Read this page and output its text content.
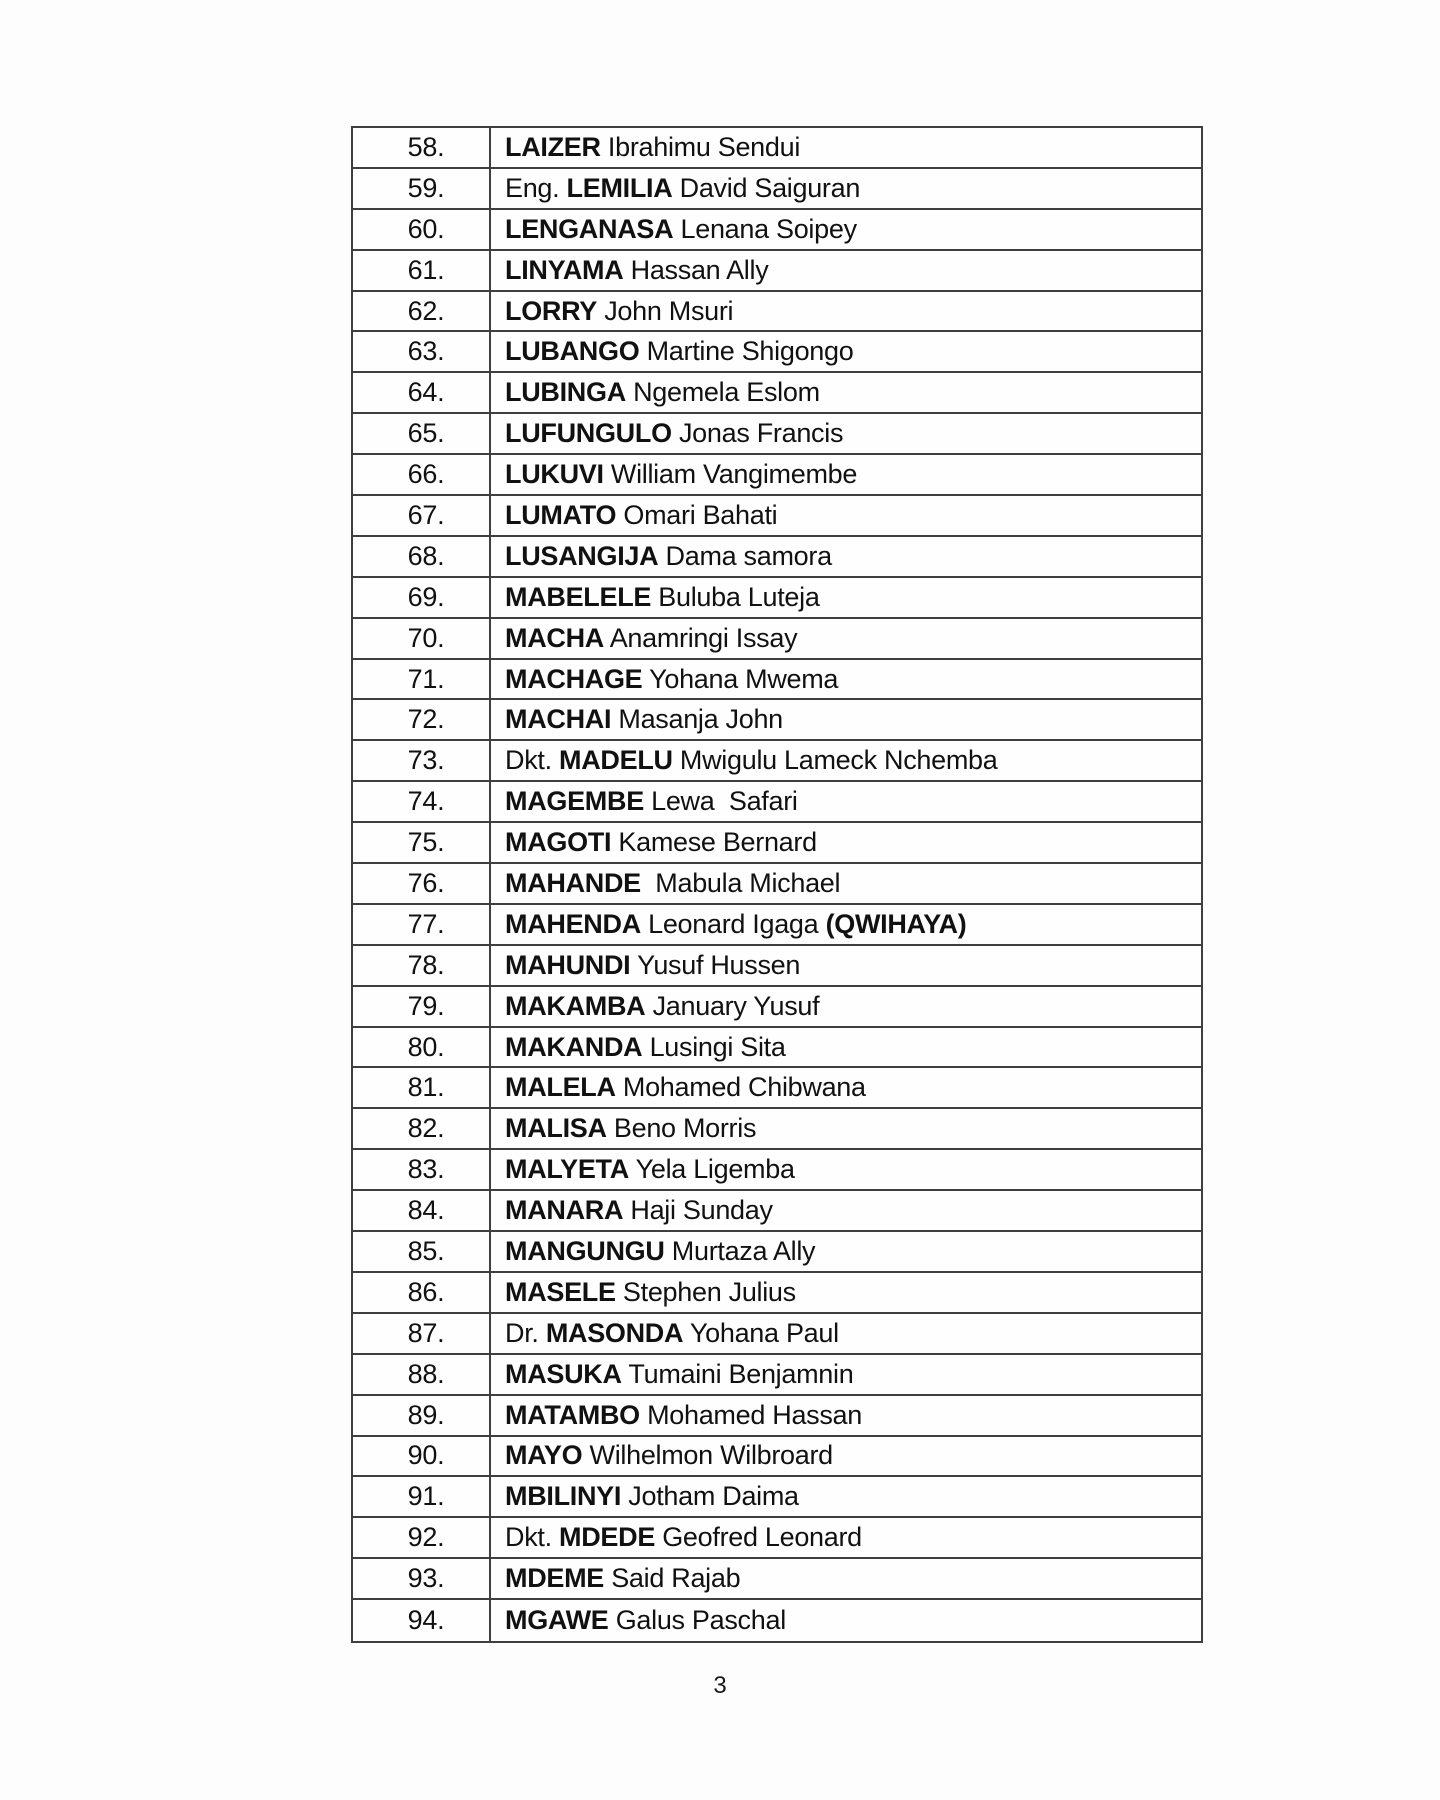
58.	LAIZER Ibrahimu Sendui
59.	Eng. LEMILIA David Saiguran
60.	LENGANASA Lenana Soipey
61.	LINYAMA Hassan Ally
62.	LORRY John Msuri
63.	LUBANGO Martine Shigongo
64.	LUBINGA Ngemela Eslom
65.	LUFUNGULO Jonas Francis
66.	LUKUVI William Vangimembe
67.	LUMATO Omari Bahati
68.	LUSANGIJA Dama samora
69.	MABELELE Buluba Luteja
70.	MACHA Anamringi Issay
71.	MACHAGE Yohana Mwema
72.	MACHAI Masanja John
73.	Dkt. MADELU Mwigulu Lameck Nchemba
74.	MAGEMBE Lewa  Safari
75.	MAGOTI Kamese Bernard
76.	MAHANDE Mabula Michael
77.	MAHENDA Leonard Igaga (QWIHAYA)
78.	MAHUNDI Yusuf Hussen
79.	MAKAMBA January Yusuf
80.	MAKANDA Lusingi Sita
81.	MALELA Mohamed Chibwana
82.	MALISA Beno Morris
83.	MALYETA Yela Ligemba
84.	MANARA Haji Sunday
85.	MANGUNGU Murtaza Ally
86.	MASELE Stephen Julius
87.	Dr. MASONDA Yohana Paul
88.	MASUKA Tumaini Benjamnin
89.	MATAMBO Mohamed Hassan
90.	MAYO Wilhelmon Wilbroard
91.	MBILINYI Jotham Daima
92.	Dkt. MDEDE Geofred Leonard
93.	MDEME Said Rajab
94.	MGAWE Galus Paschal
3
